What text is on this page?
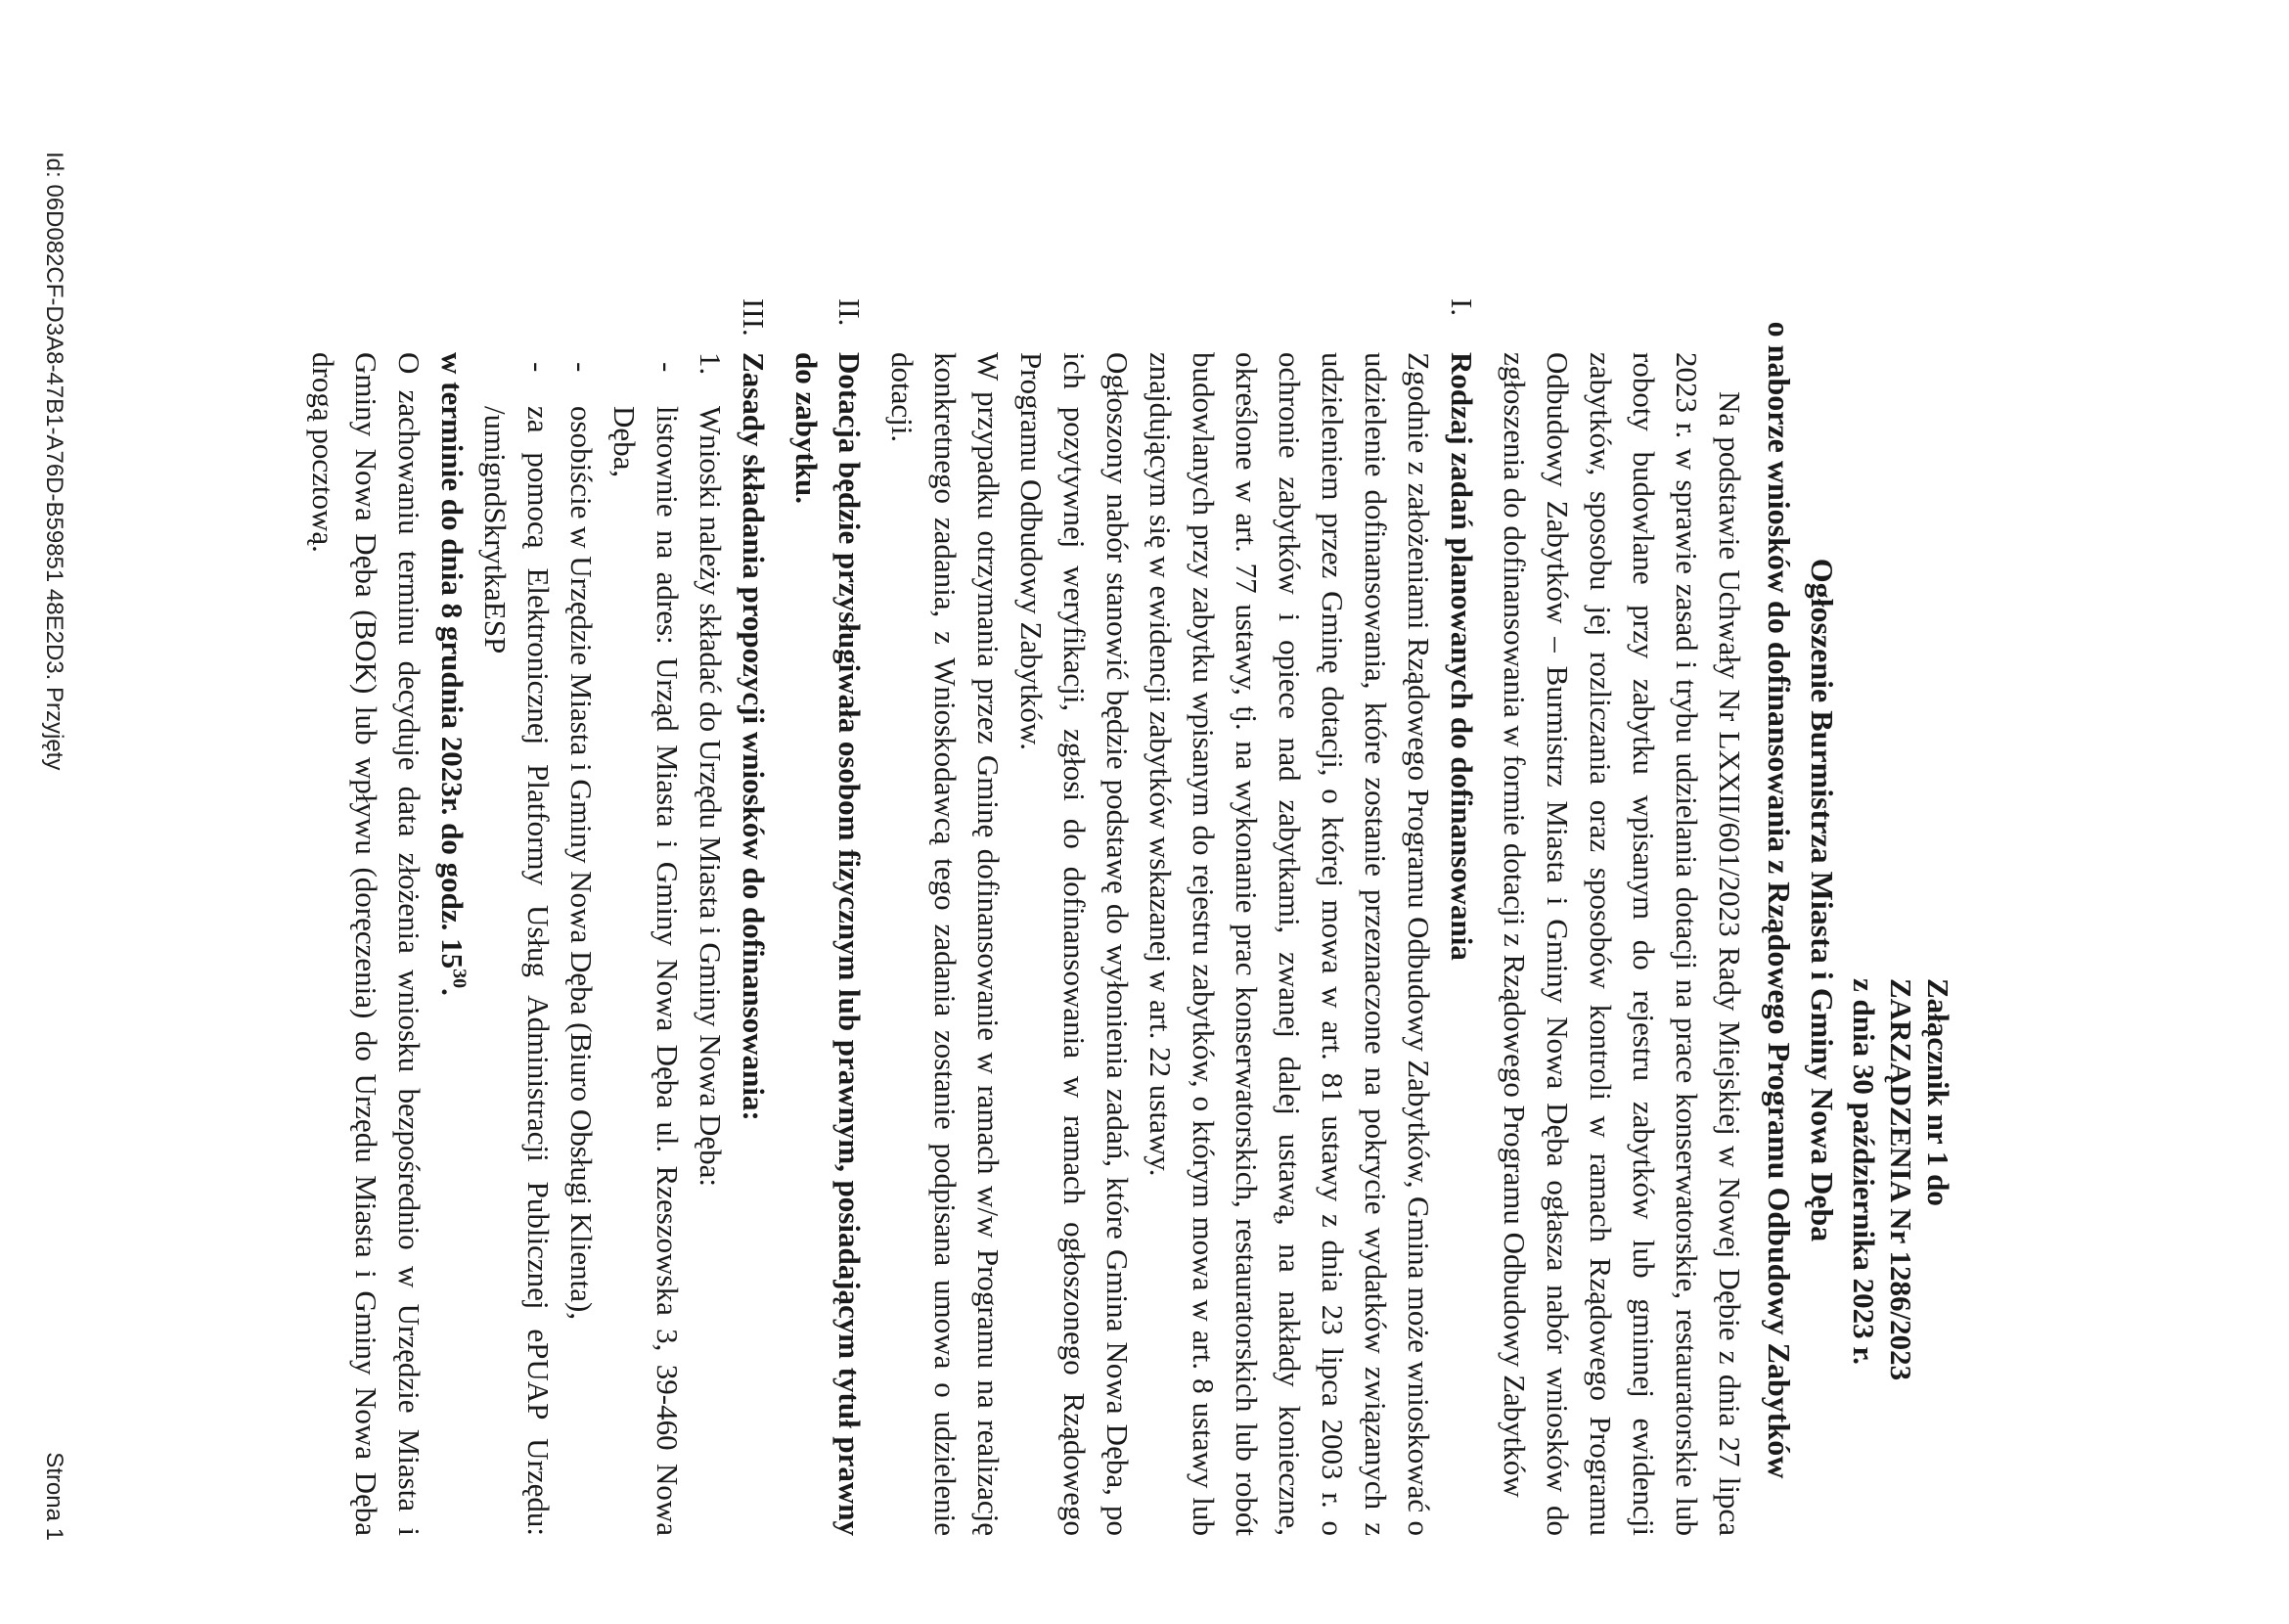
Załącznik nr 1 do
ZARZĄDZENIA Nr 1286/2023
z dnia 30 października 2023 r.
Ogłoszenie Burmistrza Miasta i Gminy Nowa Dęba
o naborze wniosków do dofinansowania z Rządowego Programu Odbudowy Zabytków

Na podstawie Uchwały Nr LXXII/601/2023 Rady Miejskiej w Nowej Dębie z dnia 27 lipca 2023 r. w sprawie zasad i trybu udzielania dotacji na prace konserwatorskie, restauratorskie lub roboty budowlane przy zabytku wpisanym do rejestru zabytków lub gminnej ewidencji zabytków, sposobu jej rozliczania oraz sposobów kontroli w ramach Rządowego Programu Odbudowy Zabytków – Burmistrz Miasta i Gminy Nowa Dęba ogłasza nabór wniosków do zgłoszenia do dofinansowania w formie dotacji z Rządowego Programu Odbudowy Zabytków

I.

Rodzaj zadań planowanych do dofinansowania

Zgodnie z założeniami Rządowego Programu Odbudowy Zabytków, Gmina może wnioskować o udzielenie dofinansowania, które zostanie przeznaczone na pokrycie wydatków związanych z udzieleniem przez Gminę dotacji, o której mowa w art. 81 ustawy z dnia 23 lipca 2003 r. o ochronie zabytków i opiece nad zabytkami, zwanej dalej ustawą, na nakłady konieczne, określone w art. 77 ustawy, tj. na wykonanie prac konserwatorskich, restauratorskich lub robót budowlanych przy zabytku wpisanym do rejestru zabytków, o którym mowa w art. 8 ustawy lub znajdującym się w ewidencji zabytków wskazanej w art. 22 ustawy.

Ogłoszony nabór stanowić będzie podstawę do wyłonienia zadań, które Gmina Nowa Dęba, po ich pozytywnej weryfikacji, zgłosi do dofinansowania w ramach ogłoszonego Rządowego Programu Odbudowy Zabytków.

W przypadku otrzymania przez Gminę dofinansowanie w ramach w/w Programu na realizację konkretnego zadania, z Wnioskodawcą tego zadania zostanie podpisana umowa o udzielenie dotacji.

II.

Dotacja będzie przysługiwała osobom fizycznym lub prawnym, posiadającym tytuł prawny do zabytku.

III.

Zasady składania propozycji wniosków do dofinansowania:

1.
Wnioski należy składać do Urzędu Miasta i Gminy Nowa Dęba:
-
listownie na adres: Urząd Miasta i Gminy Nowa Dęba ul. Rzeszowska 3, 39-460 Nowa Dęba,
-
osobiście w Urzędzie Miasta i Gminy Nowa Dęba (Biuro Obsługi Klienta),
-
za pomocą Elektronicznej Platformy Usług Administracji Publicznej ePUAP Urzędu: /umigndSkrytkaESP

w terminie do dnia 8 grudnia 2023r. do godz. $15^{30}$.

O zachowaniu terminu decyduje data złożenia wniosku bezpośrednio w Urzędzie Miasta i Gminy Nowa Dęba (BOK) lub wpływu (doręczenia) do Urzędu Miasta i Gminy Nowa Dęba drogą pocztową.

Id: 06D082CF-D3A8-47B1-A76D-B59851 48E2D3. Przyjęty
Strona 1
